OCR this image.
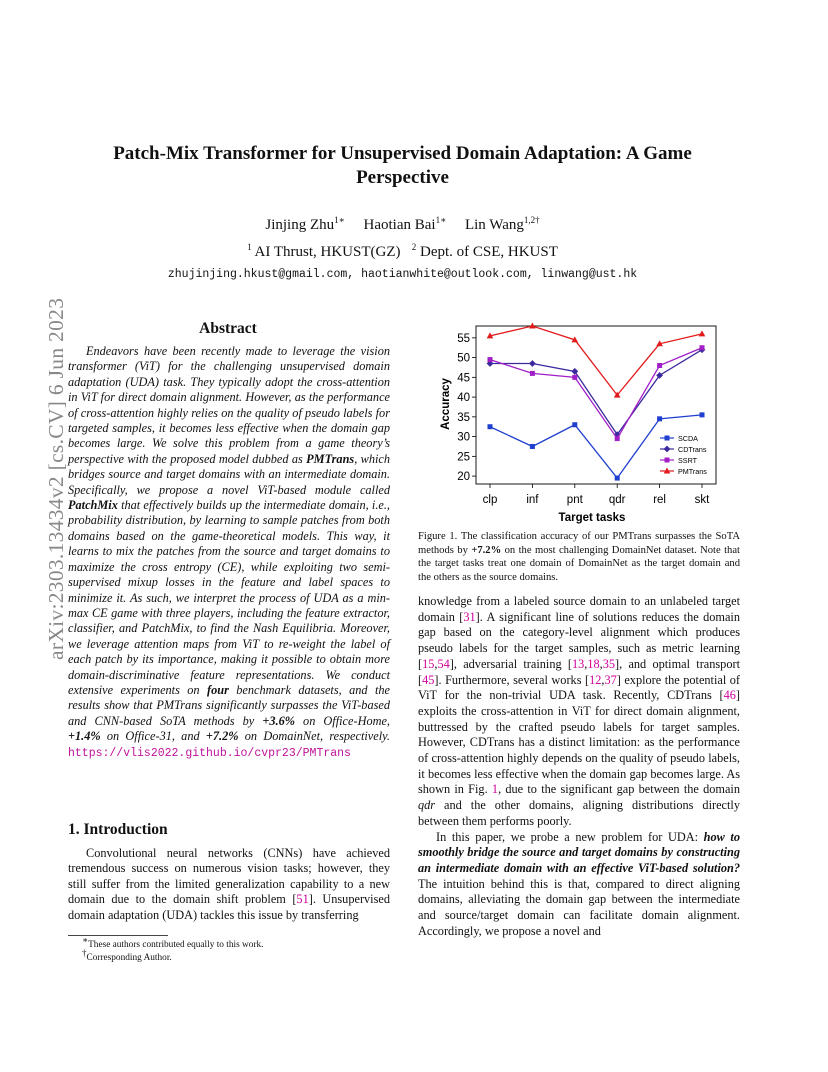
arXiv:2303.13434v2 [cs.CV] 6 Jun 2023
Patch-Mix Transformer for Unsupervised Domain Adaptation: A Game Perspective
Jinjing Zhu$^{1∗}$ Haotian Bai$^{1∗}$ Lin Wang$^{1,2\dagger}$
$^1$ AI Thrust, HKUST(GZ) $^2$ Dept. of CSE, HKUST
zhujinjing.hkust@gmail.com, haotianwhite@outlook.com, linwang@ust.hk
Abstract

Endeavors have been recently made to leverage the vision transformer (ViT) for the challenging unsupervised domain adaptation (UDA) task. They typically adopt the cross-attention in ViT for direct domain alignment. However, as the performance of cross-attention highly relies on the quality of pseudo labels for targeted samples, it becomes less effective when the domain gap becomes large. We solve this problem from a game theory’s perspective with the proposed model dubbed as PMTrans, which bridges source and target domains with an intermediate domain. Specifically, we propose a novel ViT-based module called PatchMix that effectively builds up the intermediate domain, i.e., probability distribution, by learning to sample patches from both domains based on the game-theoretical models. This way, it learns to mix the patches from the source and target domains to maximize the cross entropy (CE), while exploiting two semi-supervised mixup losses in the feature and label spaces to minimize it. As such, we interpret the process of UDA as a min-max CE game with three players, including the feature extractor, classifier, and PatchMix, to find the Nash Equilibria. Moreover, we leverage attention maps from ViT to re-weight the label of each patch by its importance, making it possible to obtain more domain-discriminative feature representations. We conduct extensive experiments on four benchmark datasets, and the results show that PMTrans significantly surpasses the ViT-based and CNN-based SoTA methods by +3.6% on Office-Home, +1.4% on Office-31, and +7.2% on DomainNet, respectively. https://vlis2022.github.io/cvpr23/PMTrans

1. Introduction

Convolutional neural networks (CNNs) have achieved tremendous success on numerous vision tasks; however, they still suffer from the limited generalization capability to a new domain due to the domain shift problem [51]. Unsupervised domain adaptation (UDA) tackles this issue by transferring

∗These authors contributed equally to this work.
†Corresponding Author.
20
25
30
35
40
45
50
55
clp	inf pnt qdr rel skt
SCDA
CDTrans
SSRT
PMTrans
Accuracy
Target tasks
Figure 1. The classification accuracy of our PMTrans surpasses the SoTA methods by +7.2% on the most challenging DomainNet dataset. Note that the target tasks treat one domain of DomainNet as the target domain and the others as the source domains.

knowledge from a labeled source domain to an unlabeled target domain [31]. A significant line of solutions reduces the domain gap based on the category-level alignment which produces pseudo labels for the target samples, such as metric learning [15,54], adversarial training [13,18,35], and optimal transport [45]. Furthermore, several works [12,37] explore the potential of ViT for the non-trivial UDA task. Recently, CDTrans [46] exploits the cross-attention in ViT for direct domain alignment, buttressed by the crafted pseudo labels for target samples. However, CDTrans has a distinct limitation: as the performance of cross-attention highly depends on the quality of pseudo labels, it becomes less effective when the domain gap becomes large. As shown in Fig. 1, due to the significant gap between the domain qdr and the other domains, aligning distributions directly between them performs poorly.

In this paper, we probe a new problem for UDA: how to smoothly bridge the source and target domains by constructing an intermediate domain with an effective ViT-based solution? The intuition behind this is that, compared to direct aligning domains, alleviating the domain gap between the intermediate and source/target domain can facilitate domain alignment. Accordingly, we propose a novel and
